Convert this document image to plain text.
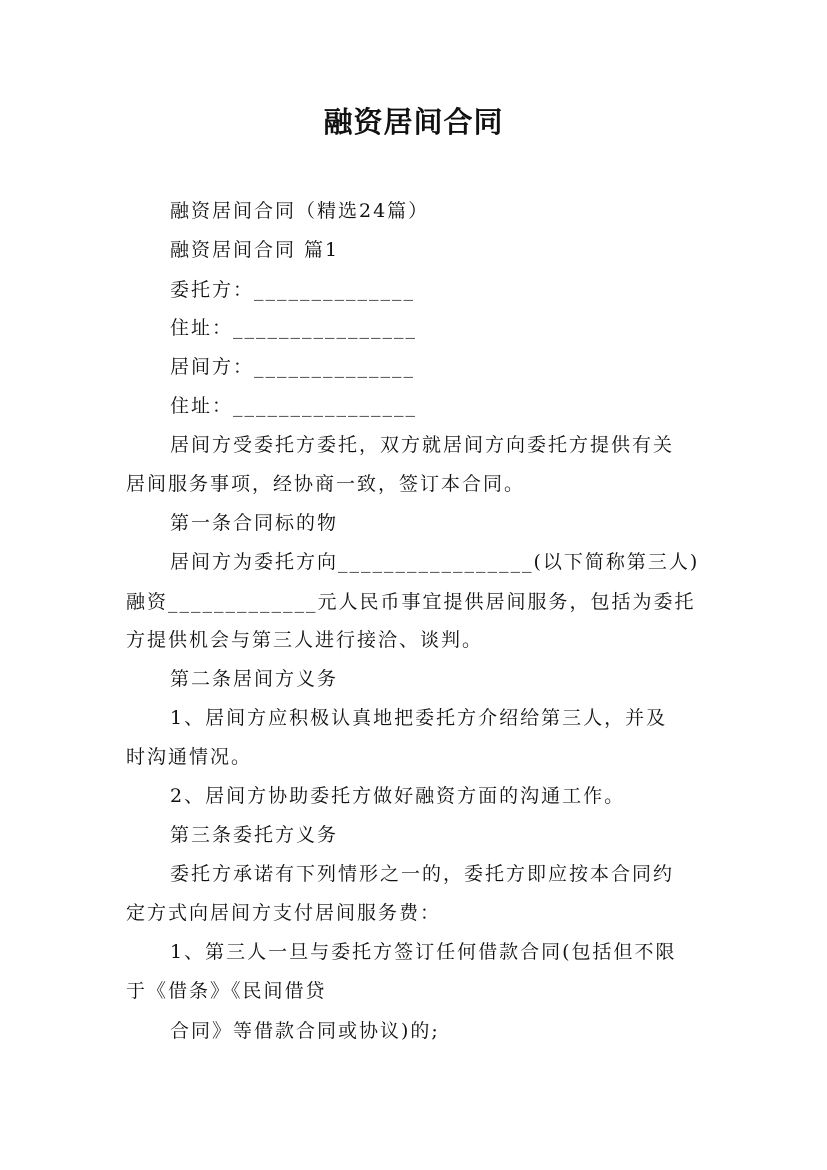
融资居间合同
融资居间合同（精选24篇）
融资居间合同 篇1
委托方：______________
住址：________________
居间方：______________
住址：________________
居间方受委托方委托，双方就居间方向委托方提供有关
居间服务事项，经协商一致，签订本合同。
第一条合同标的物
居间方为委托方向_________________(以下简称第三人)
融资_____________元人民币事宜提供居间服务，包括为委托
方提供机会与第三人进行接洽、谈判。
第二条居间方义务
1、居间方应积极认真地把委托方介绍给第三人，并及
时沟通情况。
2、居间方协助委托方做好融资方面的沟通工作。
第三条委托方义务
委托方承诺有下列情形之一的，委托方即应按本合同约
定方式向居间方支付居间服务费：
1、第三人一旦与委托方签订任何借款合同(包括但不限
于《借条》《民间借贷
合同》等借款合同或协议)的;
